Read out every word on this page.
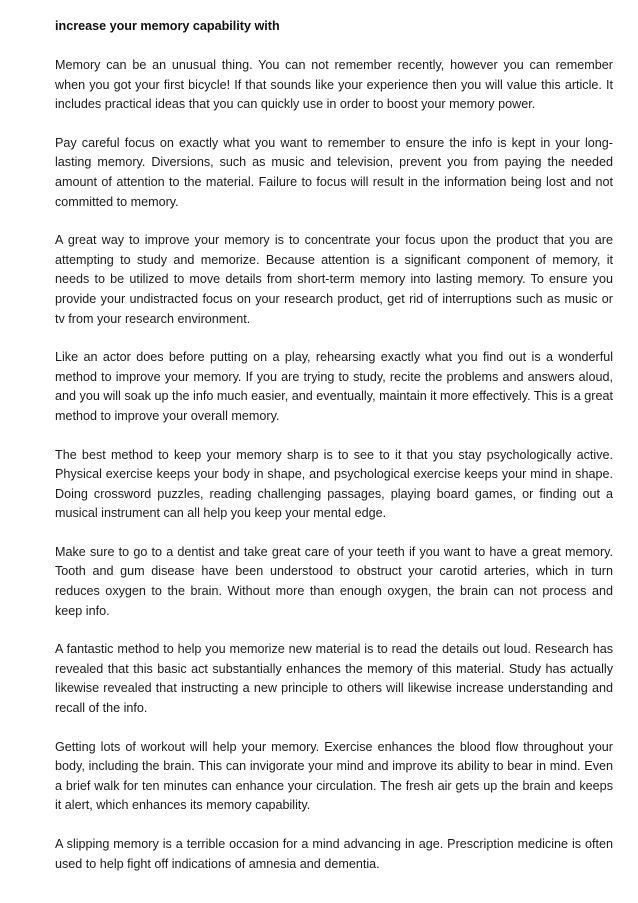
increase your memory capability with

Memory can be an unusual thing. You can not remember recently, however you can remember when you got your first bicycle! If that sounds like your experience then you will value this article. It includes practical ideas that you can quickly use in order to boost your memory power.

Pay careful focus on exactly what you want to remember to ensure the info is kept in your long-lasting memory. Diversions, such as music and television, prevent you from paying the needed amount of attention to the material. Failure to focus will result in the information being lost and not committed to memory.

A great way to improve your memory is to concentrate your focus upon the product that you are attempting to study and memorize. Because attention is a significant component of memory, it needs to be utilized to move details from short-term memory into lasting memory. To ensure you provide your undistracted focus on your research product, get rid of interruptions such as music or tv from your research environment.

Like an actor does before putting on a play, rehearsing exactly what you find out is a wonderful method to improve your memory. If you are trying to study, recite the problems and answers aloud, and you will soak up the info much easier, and eventually, maintain it more effectively. This is a great method to improve your overall memory.

The best method to keep your memory sharp is to see to it that you stay psychologically active. Physical exercise keeps your body in shape, and psychological exercise keeps your mind in shape. Doing crossword puzzles, reading challenging passages, playing board games, or finding out a musical instrument can all help you keep your mental edge.

Make sure to go to a dentist and take great care of your teeth if you want to have a great memory. Tooth and gum disease have been understood to obstruct your carotid arteries, which in turn reduces oxygen to the brain. Without more than enough oxygen, the brain can not process and keep info.

A fantastic method to help you memorize new material is to read the details out loud. Research has revealed that this basic act substantially enhances the memory of this material. Study has actually likewise revealed that instructing a new principle to others will likewise increase understanding and recall of the info.

Getting lots of workout will help your memory. Exercise enhances the blood flow throughout your body, including the brain. This can invigorate your mind and improve its ability to bear in mind. Even a brief walk for ten minutes can enhance your circulation. The fresh air gets up the brain and keeps it alert, which enhances its memory capability.

A slipping memory is a terrible occasion for a mind advancing in age. Prescription medicine is often used to help fight off indications of amnesia and dementia.
